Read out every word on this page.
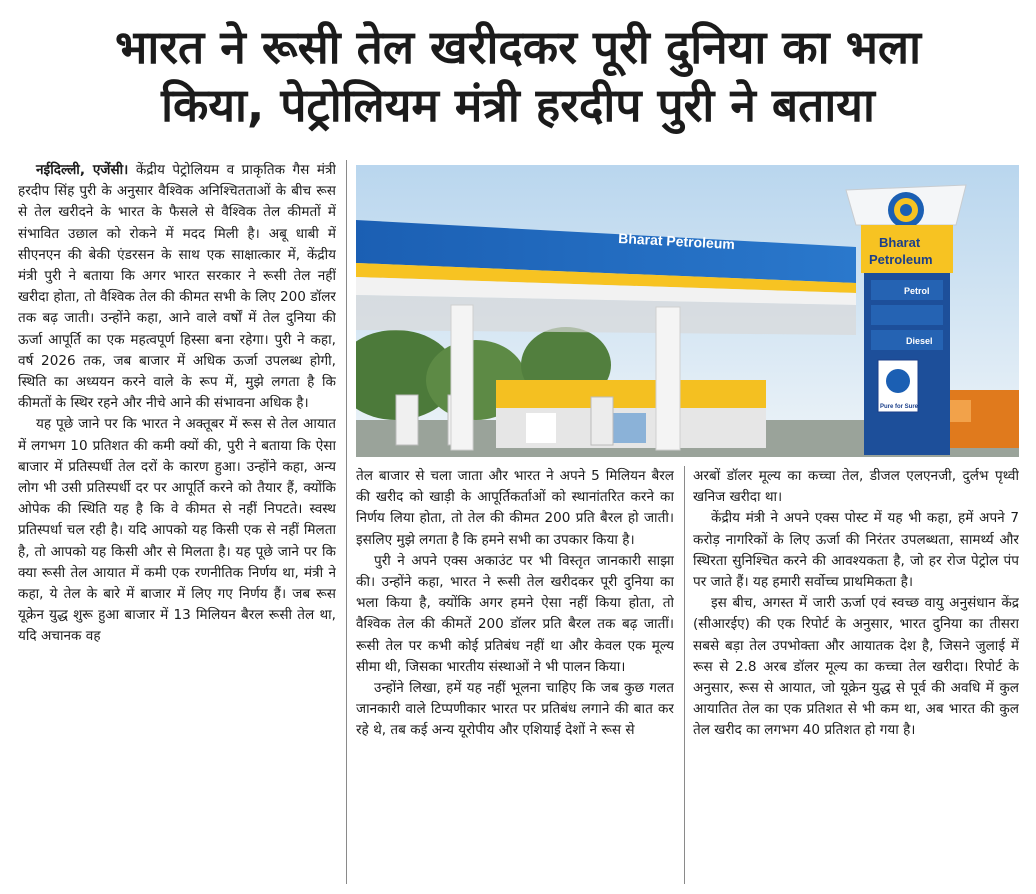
भारत ने रूसी तेल खरीदकर पूरी दुनिया का भला
किया, पेट्रोलियम मंत्री हरदीप पुरी ने बताया

नईदिल्ली, एजेंसी। केंद्रीय पेट्रोलियम व प्राकृतिक गैस मंत्री हरदीप सिंह पुरी के अनुसार वैश्विक अनिश्चितताओं के बीच रूस से तेल खरीदने के भारत के फैसले से वैश्विक तेल कीमतों में संभावित उछाल को रोकने में मदद मिली है। अबू धाबी में सीएनएन की बेकी एंडरसन के साथ एक साक्षात्कार में, केंद्रीय मंत्री पुरी ने बताया कि अगर भारत सरकार ने रूसी तेल नहीं खरीदा होता, तो वैश्विक तेल की कीमत सभी के लिए 200 डॉलर तक बढ़ जाती। उन्होंने कहा, आने वाले वर्षों में तेल दुनिया की ऊर्जा आपूर्ति का एक महत्वपूर्ण हिस्सा बना रहेगा। पुरी ने कहा, वर्ष 2026 तक, जब बाजार में अधिक ऊर्जा उपलब्ध होगी, स्थिति का अध्ययन करने वाले के रूप में, मुझे लगता है कि कीमतों के स्थिर रहने और नीचे आने की संभावना अधिक है।

यह पूछे जाने पर कि भारत ने अक्तूबर में रूस से तेल आयात में लगभग 10 प्रतिशत की कमी क्यों की, पुरी ने बताया कि ऐसा बाजार में प्रतिस्पर्धी तेल दरों के कारण हुआ। उन्होंने कहा, अन्य लोग भी उसी प्रतिस्पर्धी दर पर आपूर्ति करने को तैयार हैं, क्योंकि ओपेक की स्थिति यह है कि वे कीमत से नहीं निपटते। स्वस्थ प्रतिस्पर्धा चल रही है। यदि आपको यह किसी एक से नहीं मिलता है, तो आपको यह किसी और से मिलता है। यह पूछे जाने पर कि क्या रूसी तेल आयात में कमी एक रणनीतिक निर्णय था, मंत्री ने कहा, ये तेल के बारे में बाजार में लिए गए निर्णय हैं। जब रूस यूक्रेन युद्ध शुरू हुआ बाजार में 13 मिलियन बैरल रूसी तेल था, यदि अचानक वह

Bharat Petroleum	Bharat
Petroleum
Petrol
Diesel
Pure for Sure

तेल बाजार से चला जाता और भारत ने अपने 5 मिलियन बैरल की खरीद को खाड़ी के आपूर्तिकर्ताओं को स्थानांतरित करने का निर्णय लिया होता, तो तेल की कीमत 200 प्रति बैरल हो जाती। इसलिए मुझे लगता है कि हमने सभी का उपकार किया है।

पुरी ने अपने एक्स अकाउंट पर भी विस्तृत जानकारी साझा की। उन्होंने कहा, भारत ने रूसी तेल खरीदकर पूरी दुनिया का भला किया है, क्योंकि अगर हमने ऐसा नहीं किया होता, तो वैश्विक तेल की कीमतें 200 डॉलर प्रति बैरल तक बढ़ जातीं। रूसी तेल पर कभी कोई प्रतिबंध नहीं था और केवल एक मूल्य सीमा थी, जिसका भारतीय संस्थाओं ने भी पालन किया।

उन्होंने लिखा, हमें यह नहीं भूलना चाहिए कि जब कुछ गलत जानकारी वाले टिप्पणीकार भारत पर प्रतिबंध लगाने की बात कर रहे थे, तब कई अन्य यूरोपीय और एशियाई देशों ने रूस से

अरबों डॉलर मूल्य का कच्चा तेल, डीजल एलएनजी, दुर्लभ पृथ्वी खनिज खरीदा था।

केंद्रीय मंत्री ने अपने एक्स पोस्ट में यह भी कहा, हमें अपने 7 करोड़ नागरिकों के लिए ऊर्जा की निरंतर उपलब्धता, सामर्थ्य और स्थिरता सुनिश्चित करने की आवश्यकता है, जो हर रोज पेट्रोल पंप पर जाते हैं। यह हमारी सर्वोच्च प्राथमिकता है।

इस बीच, अगस्त में जारी ऊर्जा एवं स्वच्छ वायु अनुसंधान केंद्र (सीआरईए) की एक रिपोर्ट के अनुसार, भारत दुनिया का तीसरा सबसे बड़ा तेल उपभोक्ता और आयातक देश है, जिसने जुलाई में रूस से 2.8 अरब डॉलर मूल्य का कच्चा तेल खरीदा। रिपोर्ट के अनुसार, रूस से आयात, जो यूक्रेन युद्ध से पूर्व की अवधि में कुल आयातित तेल का एक प्रतिशत से भी कम था, अब भारत की कुल तेल खरीद का लगभग 40 प्रतिशत हो गया है।
